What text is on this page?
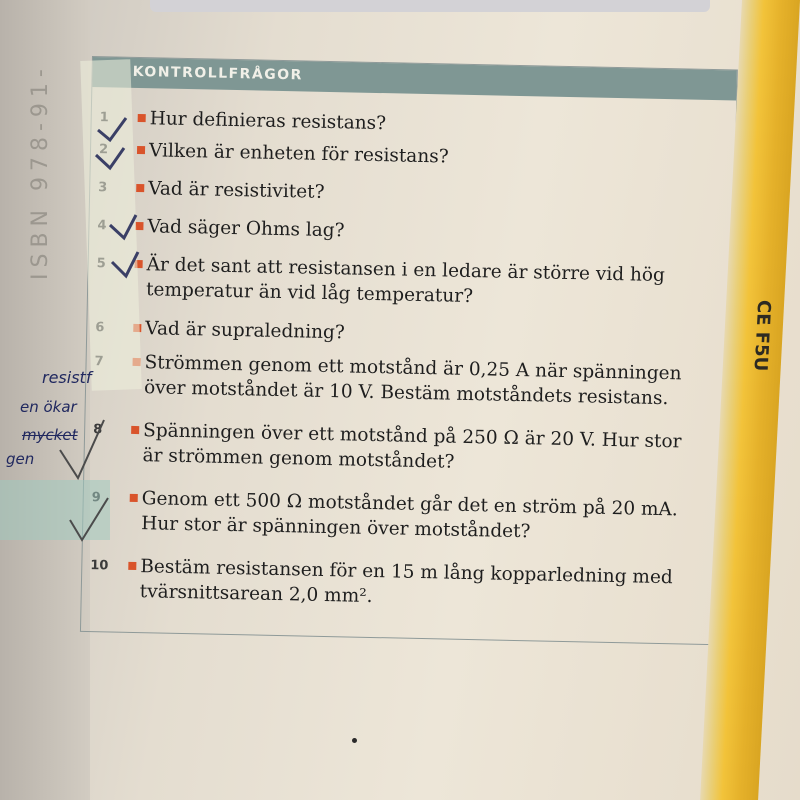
ISBN 978-91-	KONTROLLFRÅGOR
Hur definieras resistans?
Vilken är enheten för resistans?
Vad är resistivitet?
Vad säger Ohms lag?
Är det sant att resistansen i en ledare är större vid hög temperatur än vid låg temperatur?
Vad är supraledning?
Strömmen genom ett motstånd är 0,25 A när spänningen över motståndet är 10 V. Bestäm motståndets resistans.
8 Spänningen över ett motstånd på 250 Ω är 20 V. Hur stor är strömmen genom motståndet?
Genom ett 500 Ω motståndet går det en ström på 20 mA. Hur stor är spänningen över motståndet?
10 Bestäm resistansen för en 15 m lång kopparledning med tvärsnittsarean 2,0 mm².
resistf
en ökar
mycket
gen
CE F5U
